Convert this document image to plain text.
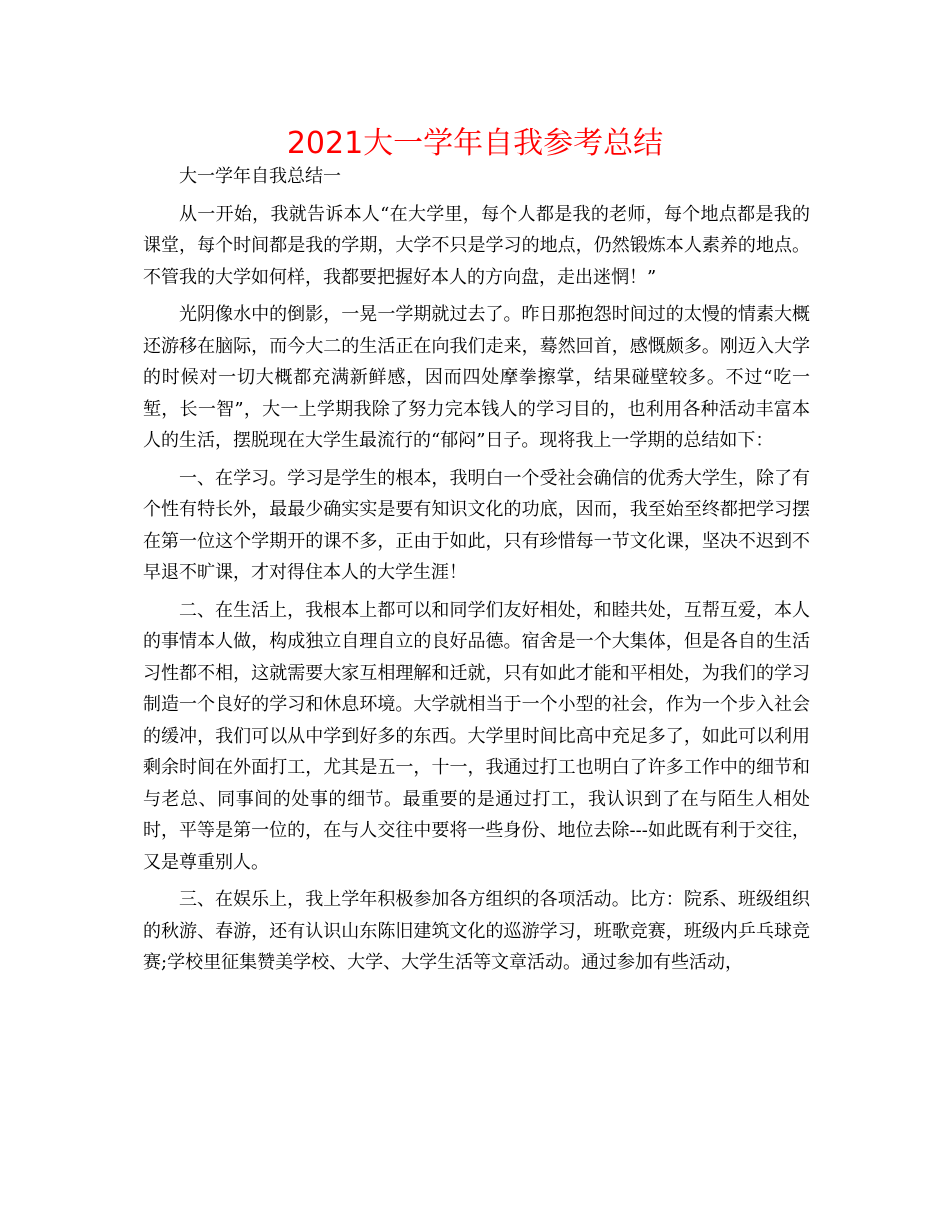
2021大一学年自我参考总结

大一学年自我总结一

从一开始，我就告诉本人“在大学里，每个人都是我的老师，每个地点都是我的课堂，每个时间都是我的学期，大学不只是学习的地点，仍然锻炼本人素养的地点。不管我的大学如何样，我都要把握好本人的方向盘，走出迷惘！”

光阴像水中的倒影，一晃一学期就过去了。昨日那抱怨时间过的太慢的情素大概还游移在脑际，而今大二的生活正在向我们走来，蓦然回首，感慨颇多。刚迈入大学的时候对一切大概都充满新鲜感，因而四处摩拳擦掌，结果碰壁较多。不过“吃一堑，长一智”，大一上学期我除了努力完本钱人的学习目的，也利用各种活动丰富本人的生活，摆脱现在大学生最流行的“郁闷”日子。现将我上一学期的总结如下：

一、在学习。学习是学生的根本，我明白一个受社会确信的优秀大学生，除了有个性有特长外，最最少确实实是要有知识文化的功底，因而，我至始至终都把学习摆在第一位这个学期开的课不多，正由于如此，只有珍惜每一节文化课，坚决不迟到不早退不旷课，才对得住本人的大学生涯！

二、在生活上，我根本上都可以和同学们友好相处，和睦共处，互帮互爱，本人的事情本人做，构成独立自理自立的良好品德。宿舍是一个大集体，但是各自的生活习性都不相，这就需要大家互相理解和迁就，只有如此才能和平相处，为我们的学习制造一个良好的学习和休息环境。大学就相当于一个小型的社会，作为一个步入社会的缓冲，我们可以从中学到好多的东西。大学里时间比高中充足多了，如此可以利用剩余时间在外面打工，尤其是五一，十一，我通过打工也明白了许多工作中的细节和与老总、同事间的处事的细节。最重要的是通过打工，我认识到了在与陌生人相处时，平等是第一位的，在与人交往中要将一些身份、地位去除---如此既有利于交往，又是尊重别人。

三、在娱乐上，我上学年积极参加各方组织的各项活动。比方：院系、班级组织的秋游、春游，还有认识山东陈旧建筑文化的巡游学习，班歌竞赛，班级内乒乓球竞赛;学校里征集赞美学校、大学、大学生活等文章活动。通过参加有些活动，
